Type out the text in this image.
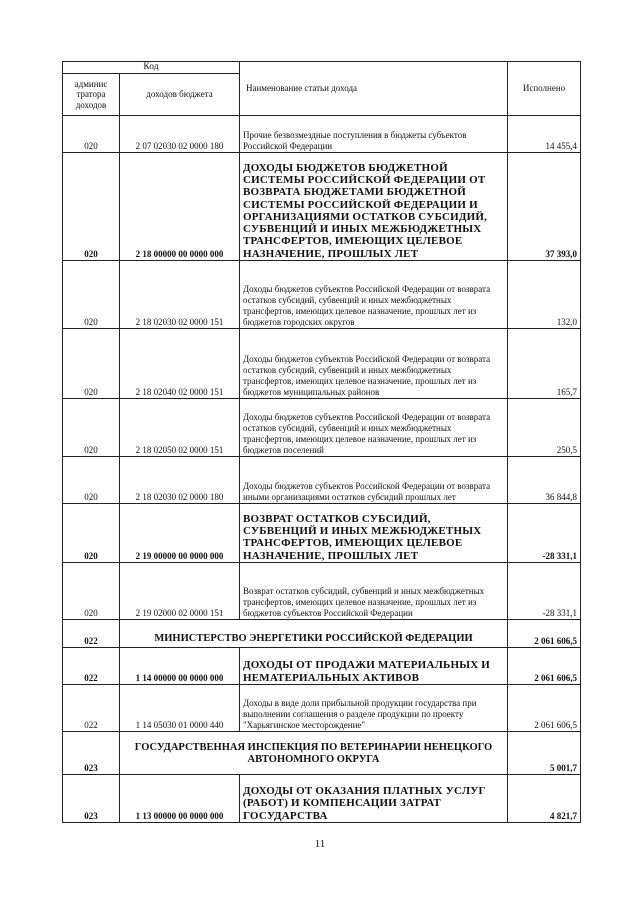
Код		Наименование статьи дохода	Исполнено
админис тратора доходов	доходов бюджета		
020	2 07 02030 02 0000 180	Прочие безвозмездные поступления в бюджеты субъектов Российской Федерации	14 455,4
020	2 18 00000 00 0000 000	ДОХОДЫ БЮДЖЕТОВ БЮДЖЕТНОЙ СИСТЕМЫ РОССИЙСКОЙ ФЕДЕРАЦИИ ОТ ВОЗВРАТА БЮДЖЕТАМИ БЮДЖЕТНОЙ СИСТЕМЫ РОССИЙСКОЙ ФЕДЕРАЦИИ И ОРГАНИЗАЦИЯМИ ОСТАТКОВ СУБСИДИЙ, СУБВЕНЦИЙ И ИНЫХ МЕЖБЮДЖЕТНЫХ ТРАНСФЕРТОВ, ИМЕЮЩИХ ЦЕЛЕВОЕ НАЗНАЧЕНИЕ, ПРОШЛЫХ ЛЕТ	37 393,0
020	2 18 02030 02 0000 151	Доходы бюджетов субъектов Российской Федерации от возврата остатков субсидий, субвенций и иных межбюджетных трансфертов, имеющих целевое назначение, прошлых лет из бюджетов городских округов	132,0
020	2 18 02040 02 0000 151	Доходы бюджетов субъектов Российской Федерации от возврата остатков субсидий, субвенций и иных межбюджетных трансфертов, имеющих целевое назначение, прошлых лет из бюджетов муниципальных районов	165,7
020	2 18 02050 02 0000 151	Доходы бюджетов субъектов Российской Федерации от возврата остатков субсидий, субвенций и иных межбюджетных трансфертов, имеющих целевое назначение, прошлых лет из бюджетов поселений	250,5
020	2 18 02030 02 0000 180	Доходы бюджетов субъектов Российской Федерации от возврата иными организациями остатков субсидий прошлых лет	36 844,8
020	2 19 00000 00 0000 000	ВОЗВРАТ ОСТАТКОВ СУБСИДИЙ, СУБВЕНЦИЙ И ИНЫХ МЕЖБЮДЖЕТНЫХ ТРАНСФЕРТОВ, ИМЕЮЩИХ ЦЕЛЕВОЕ НАЗНАЧЕНИЕ, ПРОШЛЫХ ЛЕТ	-28 331,1
020	2 19 02000 02 0000 151	Возврат остатков субсидий, субвенций и иных межбюджетных трансфертов, имеющих целевое назначение, прошлых лет из бюджетов субъектов Российской Федерации	-28 331,1
022	МИНИСТЕРСТВО ЭНЕРГЕТИКИ РОССИЙСКОЙ ФЕДЕРАЦИИ		2 061 606,5
022	1 14 00000 00 0000 000	ДОХОДЫ ОТ ПРОДАЖИ МАТЕРИАЛЬНЫХ И НЕМАТЕРИАЛЬНЫХ АКТИВОВ	2 061 606,5
022	1 14 05030 01 0000 440	Доходы в виде доли прибыльной продукции государства при выполнении соглашения о разделе продукции по проекту "Харьягинское месторождение"	2 061 606,5
023	ГОСУДАРСТВЕННАЯ ИНСПЕКЦИЯ ПО ВЕТЕРИНАРИИ НЕНЕЦКОГО АВТОНОМНОГО ОКРУГА		5 001,7
023	1 13 00000 00 0000 000	ДОХОДЫ ОТ ОКАЗАНИЯ ПЛАТНЫХ УСЛУГ (РАБОТ) И КОМПЕНСАЦИИ ЗАТРАТ ГОСУДАРСТВА	4 821,7
11
